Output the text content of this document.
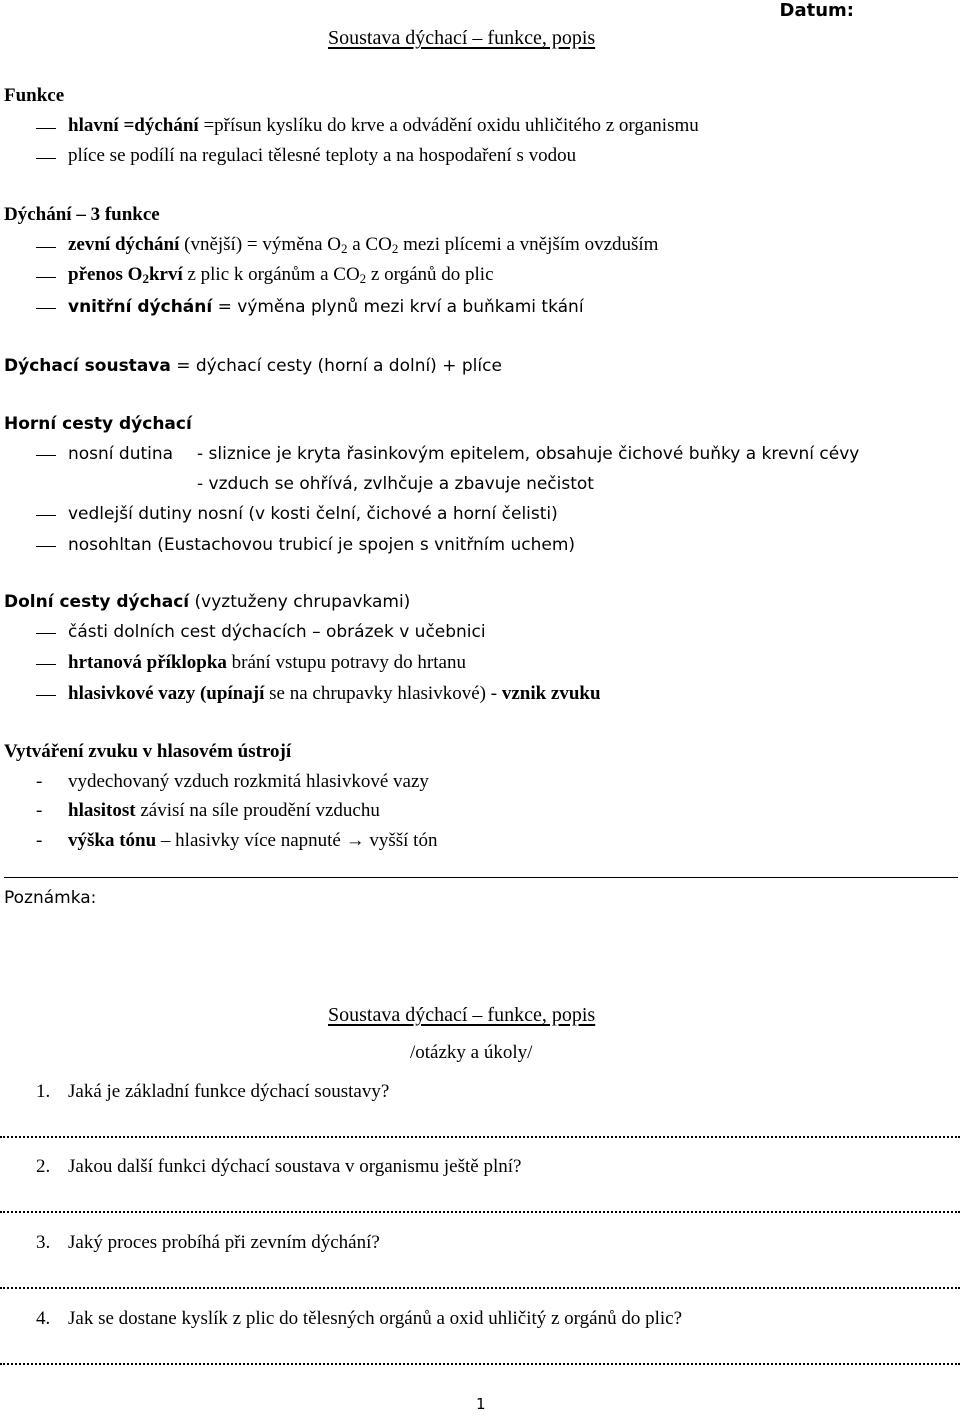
Datum:
Soustava dýchací – funkce, popis
Funkce
hlavní =dýchání =přísun kyslíku do krve a odvádění oxidu uhličitého z organismu
plíce se podílí na regulaci tělesné teploty a na hospodaření s vodou
Dýchání – 3 funkce
zevní dýchání (vnější) = výměna $O_2$ a $CO_2$ mezi plícemi a vnějším ovzduším
přenos $O_2krví$ z plic k orgánům a $CO_2$ z orgánů do plic
vnitřní dýchání = výměna plynů mezi krví a buňkami tkání
Dýchací soustava = dýchací cesty (horní a dolní) + plíce
Horní cesty dýchací
nosní dutina - sliznice je kryta řasinkovým epitelem, obsahuje čichové buňky a krevní cévy
- vzduch se ohřívá, zvlhčuje a zbavuje nečistot
vedlejší dutiny nosní (v kosti čelní, čichové a horní čelisti)
nosohltan (Eustachovou trubicí je spojen s vnitřním uchem)
Dolní cesty dýchací (vyztuženy chrupavkami)
části dolních cest dýchacích – obrázek v učebnici
hrtanová příklopka brání vstupu potravy do hrtanu
hlasivkové vazy (upínají se na chrupavky hlasivkové) - vznik zvuku
Vytváření zvuku v hlasovém ústrojí
- vydechovaný vzduch rozkmitá hlasivkové vazy
- hlasitost závisí na síle proudění vzduchu
- výška tónu – hlasivky více napnuté → vyšší tón
Poznámka:
Soustava dýchací – funkce, popis
/otázky a úkoly/
1. Jaká je základní funkce dýchací soustavy?
2. Jakou další funkci dýchací soustava v organismu ještě plní?
3. Jaký proces probíhá při zevním dýchání?
4. Jak se dostane kyslík z plic do tělesných orgánů a oxid uhličitý z orgánů do plic?
1
